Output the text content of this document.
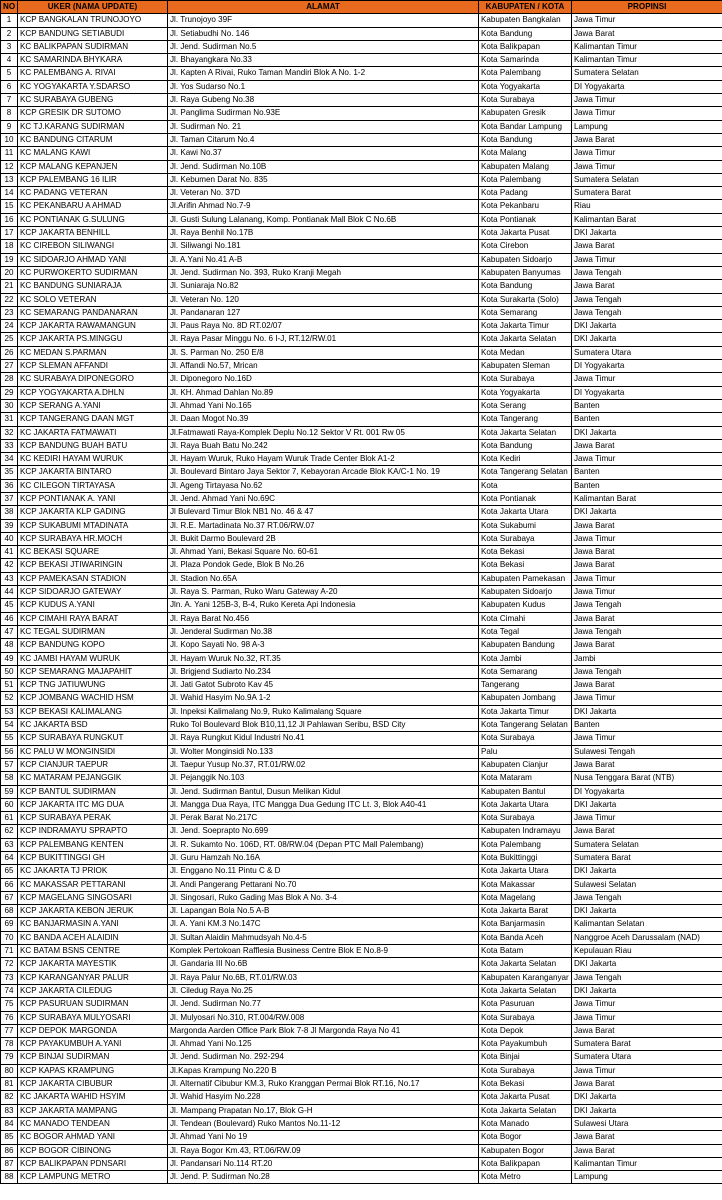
NO	UKER (NAMA UPDATE)	ALAMAT	KABUPATEN / KOTA	PROPINSI
1	KCP BANGKALAN TRUNOJOYO	Jl. Trunojoyo 39F	Kabupaten Bangkalan	Jawa Timur
2	KCP BANDUNG SETIABUDI	Jl. Setiabudhi No. 146	Kota Bandung	Jawa Barat
3	KC BALIKPAPAN SUDIRMAN	Jl. Jend. Sudirman No.5	Kota Balikpapan	Kalimantan Timur
4	KC SAMARINDA BHYKARA	Jl. Bhayangkara No.33	Kota Samarinda	Kalimantan Timur
5	KC PALEMBANG A. RIVAI	Jl. Kapten A Rivai, Ruko Taman Mandiri Blok A No. 1-2	Kota Palembang	Sumatera Selatan
6	KC YOGYAKARTA Y.SDARSO	Jl. Yos Sudarso No.1	Kota Yogyakarta	DI Yogyakarta
7	KC SURABAYA GUBENG	Jl. Raya Gubeng No.38	Kota Surabaya	Jawa Timur
8	KCP GRESIK DR SUTOMO	Jl. Panglima Sudirman No.93E	Kabupaten Gresik	Jawa Timur
9	KC TJ.KARANG SUDIRMAN	Jl. Sudirman No. 21	Kota Bandar Lampung	Lampung
10	KC BANDUNG CITARUM	Jl. Taman Citarum No.4	Kota Bandung	Jawa Barat
11	KC MALANG KAWI	Jl. Kawi No.37	Kota Malang	Jawa Timur
12	KCP MALANG KEPANJEN	Jl. Jend. Sudirman No.10B	Kabupaten Malang	Jawa Timur
13	KCP PALEMBANG 16 ILIR	Jl. Kebumen Darat No. 835	Kota Palembang	Sumatera Selatan
14	KC PADANG VETERAN	Jl. Veteran No. 37D	Kota Padang	Sumatera Barat
15	KC PEKANBARU A AHMAD	Jl.Arifin Ahmad No.7-9	Kota Pekanbaru	Riau
16	KC PONTIANAK G.SULUNG	Jl. Gusti Sulung Lalanang, Komp. Pontianak Mall Blok C No.6B	Kota Pontianak	Kalimantan Barat
17	KCP JAKARTA BENHILL	Jl. Raya Benhil No.17B	Kota Jakarta Pusat	DKI Jakarta
18	KC CIREBON SILIWANGI	Jl. Siliwangi No.181	Kota Cirebon	Jawa Barat
19	KC SIDOARJO AHMAD YANI	Jl. A.Yani No.41 A-B	Kabupaten Sidoarjo	Jawa Timur
20	KC PURWOKERTO SUDIRMAN	Jl. Jend. Sudirman No. 393, Ruko Kranji Megah	Kabupaten Banyumas	Jawa Tengah
21	KC BANDUNG SUNIARAJA	Jl. Suniaraja No.82	Kota Bandung	Jawa Barat
22	KC SOLO VETERAN	Jl. Veteran No. 120	Kota Surakarta (Solo)	Jawa Tengah
23	KC SEMARANG PANDANARAN	Jl. Pandanaran 127	Kota Semarang	Jawa Tengah
24	KCP JAKARTA RAWAMANGUN	Jl. Paus Raya No. 8D RT.02/07	Kota Jakarta Timur	DKI Jakarta
25	KCP JAKARTA PS.MINGGU	Jl. Raya Pasar Minggu No. 6 I-J, RT.12/RW.01	Kota Jakarta Selatan	DKI Jakarta
26	KC MEDAN S.PARMAN	Jl. S. Parman No. 250 E/8	Kota Medan	Sumatera Utara
27	KCP SLEMAN AFFANDI	Jl. Affandi No.57, Mrican	Kabupaten Sleman	DI Yogyakarta
28	KC SURABAYA DIPONEGORO	Jl. Diponegoro No.16D	Kota Surabaya	Jawa Timur
29	KCP YOGYAKARTA A.DHLN	Jl. KH. Ahmad Dahlan No.89	Kota Yogyakarta	DI Yogyakarta
30	KCP SERANG A.YANI	Jl. Ahmad Yani No.165	Kota Serang	Banten
31	KCP TANGERANG DAAN MGT	Jl. Daan Mogot No.39	Kota Tangerang	Banten
32	KC JAKARTA FATMAWATI	Jl.Fatmawati Raya-Komplek Deplu No.12 Sektor V Rt. 001 Rw 05	Kota Jakarta Selatan	DKI Jakarta
33	KCP BANDUNG BUAH BATU	Jl. Raya Buah Batu No.242	Kota Bandung	Jawa Barat
34	KC KEDIRI HAYAM WURUK	Jl. Hayam Wuruk, Ruko Hayam Wuruk Trade Center Blok A1-2	Kota Kediri	Jawa Timur
35	KCP JAKARTA BINTARO	Jl. Boulevard Bintaro Jaya Sektor 7, Kebayoran Arcade Blok KA/C-1 No. 19	Kota Tangerang Selatan	Banten
36	KC CILEGON TIRTAYASA	Jl. Ageng Tirtayasa No.62	Kota	Banten
37	KCP PONTIANAK A. YANI	Jl. Jend. Ahmad Yani No.69C	Kota Pontianak	Kalimantan Barat
38	KCP JAKARTA KLP GADING	Jl Bulevard Timur Blok NB1 No. 46 & 47	Kota Jakarta Utara	DKI Jakarta
39	KCP SUKABUMI MTADINATA	Jl. R.E. Martadinata No.37 RT.06/RW.07	Kota Sukabumi	Jawa Barat
40	KCP SURABAYA HR.MOCH	Jl. Bukit Darmo Boulevard 2B	Kota Surabaya	Jawa Timur
41	KC BEKASI SQUARE	Jl. Ahmad Yani, Bekasi Square No. 60-61	Kota Bekasi	Jawa Barat
42	KCP BEKASI JTIWARINGIN	Jl. Plaza Pondok Gede, Blok B No.26	Kota Bekasi	Jawa Barat
43	KCP PAMEKASAN STADION	Jl. Stadion No.65A	Kabupaten Pamekasan	Jawa Timur
44	KCP SIDOARJO GATEWAY	Jl. Raya S. Parman, Ruko Waru Gateway A-20	Kabupaten Sidoarjo	Jawa Timur
45	KCP KUDUS A.YANI	Jln. A. Yani 125B-3, B-4, Ruko Kereta Api Indonesia	Kabupaten Kudus	Jawa Tengah
46	KCP CIMAHI RAYA BARAT	Jl. Raya Barat No.456	Kota Cimahi	Jawa Barat
47	KC TEGAL SUDIRMAN	Jl. Jenderal Sudirman No.38	Kota Tegal	Jawa Tengah
48	KCP BANDUNG KOPO	Jl. Kopo Sayati No. 98 A-3	Kabupaten Bandung	Jawa Barat
49	KC JAMBI HAYAM WURUK	Jl. Hayam Wuruk No.32, RT.35	Kota Jambi	Jambi
50	KCP SEMARANG MAJAPAHIT	Jl. Brigjend Sudiarto No.234	Kota Semarang	Jawa Tengah
51	KCP TNG JATIUWUNG	Jl. Jati Gatot Subroto Kav 45	Tangerang	Jawa Barat
52	KCP JOMBANG WACHID HSM	Jl. Wahid Hasyim No.9A 1-2	Kabupaten Jombang	Jawa Timur
53	KCP BEKASI KALIMALANG	Jl. Inpeksi Kalimalang No.9, Ruko Kalimalang Square	Kota Jakarta Timur	DKI Jakarta
54	KC JAKARTA BSD	Ruko Tol Boulevard Blok B10,11,12 Jl Pahlawan Seribu, BSD City	Kota Tangerang Selatan	Banten
55	KCP SURABAYA RUNGKUT	Jl. Raya Rungkut Kidul Industri No.41	Kota Surabaya	Jawa Timur
56	KC PALU W MONGINSIDI	Jl. Wolter Monginsidi No.133	Palu	Sulawesi Tengah
57	KCP CIANJUR TAEPUR	Jl. Taepur Yusup No.37, RT.01/RW.02	Kabupaten Cianjur	Jawa Barat
58	KC MATARAM PEJANGGIK	Jl. Pejanggik No.103	Kota Mataram	Nusa Tenggara Barat (NTB)
59	KCP BANTUL SUDIRMAN	Jl. Jend. Sudirman Bantul, Dusun Melikan Kidul	Kabupaten Bantul	DI Yogyakarta
60	KCP JAKARTA ITC MG DUA	Jl. Mangga Dua Raya, ITC Mangga Dua Gedung ITC Lt. 3, Blok A40-41	Kota Jakarta Utara	DKI Jakarta
61	KCP SURABAYA PERAK	Jl. Perak Barat No.217C	Kota Surabaya	Jawa Timur
62	KCP INDRAMAYU SPRAPTO	Jl. Jend. Soeprapto No.699	Kabupaten Indramayu	Jawa Barat
63	KCP PALEMBANG KENTEN	Jl. R. Sukamto No. 106D, RT. 08/RW.04 (Depan PTC Mall Palembang)	Kota Palembang	Sumatera Selatan
64	KCP BUKITTINGGI GH	Jl. Guru Hamzah No.16A	Kota Bukittinggi	Sumatera Barat
65	KC JAKARTA TJ PRIOK	Jl. Enggano No.11 Pintu C & D	Kota Jakarta Utara	DKI Jakarta
66	KC MAKASSAR PETTARANI	Jl. Andi Pangerang Pettarani No.70	Kota Makassar	Sulawesi Selatan
67	KCP MAGELANG SINGOSARI	Jl. Singosari, Ruko Gading Mas Blok A No. 3-4	Kota Magelang	Jawa Tengah
68	KCP JAKARTA KEBON JERUK	Jl. Lapangan Bola No.5 A-B	Kota Jakarta Barat	DKI Jakarta
69	KC BANJARMASIN A.YANI	Jl. A. Yani KM.3 No.147C	Kota Banjarmasin	Kalimantan Selatan
70	KC BANDA ACEH ALAIDIN	Jl. Sultan Alaidin Mahmudsyah No.4-5	Kota Banda Aceh	Nanggroe Aceh Darussalam (NAD)
71	KC BATAM BSNS CENTRE	Komplek Pertokoan Rafflesia Business Centre Blok E No.8-9	Kota Batam	Kepulauan Riau
72	KCP JAKARTA MAYESTIK	Jl. Gandaria III No.6B	Kota Jakarta Selatan	DKI Jakarta
73	KCP KARANGANYAR PALUR	Jl. Raya Palur No.6B, RT.01/RW.03	Kabupaten Karanganyar	Jawa Tengah
74	KCP JAKARTA CILEDUG	Jl. Ciledug Raya No.25	Kota Jakarta Selatan	DKI Jakarta
75	KCP PASURUAN SUDIRMAN	Jl. Jend. Sudirman No.77	Kota Pasuruan	Jawa Timur
76	KCP SURABAYA MULYOSARI	Jl. Mulyosari No.310, RT.004/RW.008	Kota Surabaya	Jawa Timur
77	KCP DEPOK MARGONDA	Margonda Aarden Office Park Blok 7-8 Jl Margonda Raya No 41	Kota Depok	Jawa Barat
78	KCP PAYAKUMBUH A.YANI	Jl. Ahmad Yani No.125	Kota Payakumbuh	Sumatera Barat
79	KCP BINJAI SUDIRMAN	Jl. Jend. Sudirman No. 292-294	Kota Binjai	Sumatera Utara
80	KCP KAPAS KRAMPUNG	Jl.Kapas Krampung No.220 B	Kota Surabaya	Jawa Timur
81	KCP JAKARTA CIBUBUR	Jl. Alternatif Cibubur KM.3, Ruko Kranggan Permai Blok RT.16, No.17	Kota Bekasi	Jawa Barat
82	KC JAKARTA WAHID HSYIM	Jl. Wahid Hasyim No.228	Kota Jakarta Pusat	DKI Jakarta
83	KCP JAKARTA MAMPANG	Jl. Mampang Prapatan No.17, Blok G-H	Kota Jakarta Selatan	DKI Jakarta
84	KC MANADO TENDEAN	Jl. Tendean (Boulevard) Ruko Mantos No.11-12	Kota Manado	Sulawesi Utara
85	KC BOGOR AHMAD YANI	Jl. Ahmad Yani No 19	Kota Bogor	Jawa Barat
86	KCP BOGOR CIBINONG	Jl. Raya Bogor Km.43, RT.06/RW.09	Kabupaten Bogor	Jawa Barat
87	KCP BALIKPAPAN PDNSARI	Jl. Pandansari No.114 RT.20	Kota Balikpapan	Kalimantan Timur
88	KCP LAMPUNG METRO	Jl. Jend. P. Sudirman No.28	Kota Metro	Lampung
